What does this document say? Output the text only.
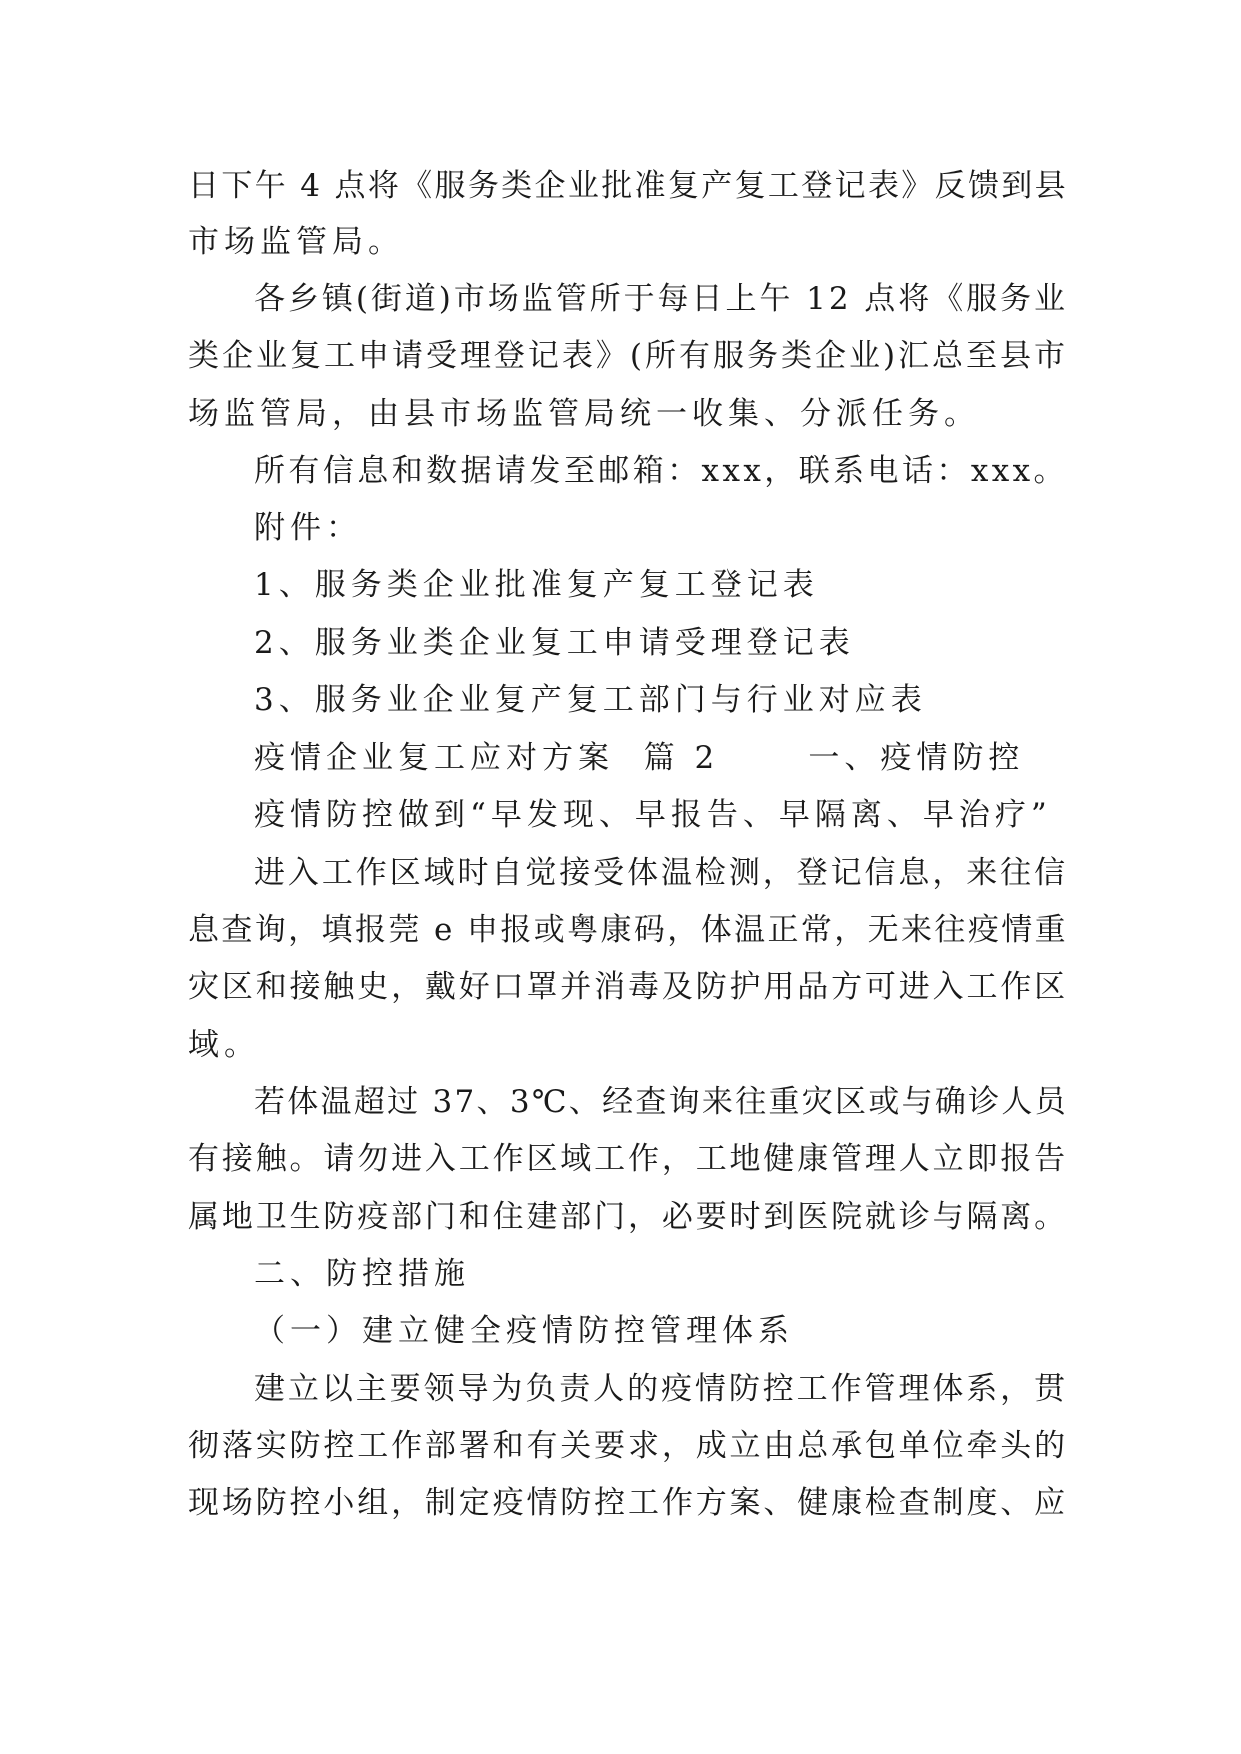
日下午 4 点将《服务类企业批准复产复工登记表》反馈到县
市场监管局。
各乡镇(街道)市场监管所于每日上午 12 点将《服务业
类企业复工申请受理登记表》(所有服务类企业)汇总至县市
场监管局，由县市场监管局统一收集、分派任务。
所有信息和数据请发至邮箱：xxx，联系电话：xxx。
附件：
1、服务类企业批准复产复工登记表
2、服务业类企业复工申请受理登记表
3、服务业企业复产复工部门与行业对应表
疫情企业复工应对方案  篇 2      一、疫情防控
疫情防控做到“早发现、早报告、早隔离、早治疗”
进入工作区域时自觉接受体温检测，登记信息，来往信
息查询，填报莞 e 申报或粤康码，体温正常，无来往疫情重
灾区和接触史，戴好口罩并消毒及防护用品方可进入工作区
域。
若体温超过 37、3℃、经查询来往重灾区或与确诊人员
有接触。请勿进入工作区域工作，工地健康管理人立即报告
属地卫生防疫部门和住建部门，必要时到医院就诊与隔离。
二、防控措施
（一）建立健全疫情防控管理体系
建立以主要领导为负责人的疫情防控工作管理体系，贯
彻落实防控工作部署和有关要求，成立由总承包单位牵头的
现场防控小组，制定疫情防控工作方案、健康检查制度、应
